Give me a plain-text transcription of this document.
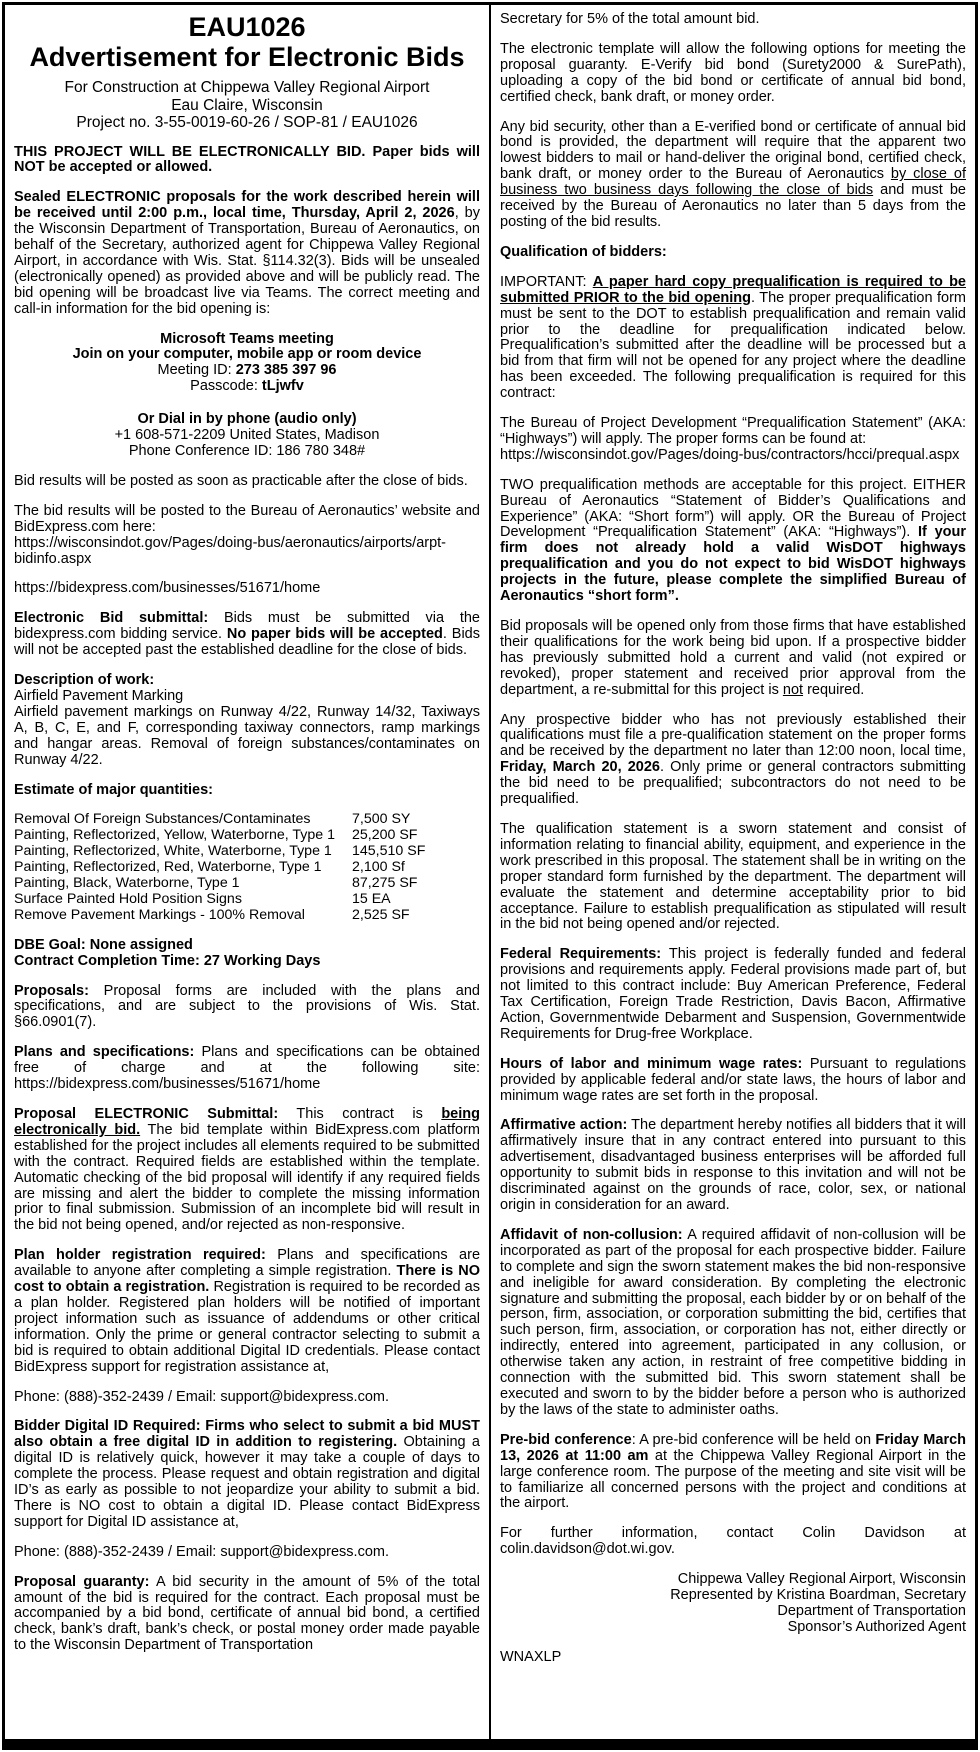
EAU1026
Advertisement for Electronic Bids
For Construction at Chippewa Valley Regional Airport
Eau Claire, Wisconsin
Project no. 3-55-0019-60-26 / SOP-81 / EAU1026

THIS PROJECT WILL BE ELECTRONICALLY BID. Paper bids will NOT be accepted or allowed.

Sealed ELECTRONIC proposals for the work described herein will be received until 2:00 p.m., local time, Thursday, April 2, 2026, by the Wisconsin Department of Transportation, Bureau of Aeronautics, on behalf of the Secretary, authorized agent for Chippewa Valley Regional Airport, in accordance with Wis. Stat. §114.32(3). Bids will be unsealed (electronically opened) as provided above and will be publicly read. The bid opening will be broadcast live via Teams. The correct meeting and call-in information for the bid opening is:

Microsoft Teams meeting
Join on your computer, mobile app or room device
Meeting ID: 273 385 397 96
Passcode: tLjwfv

Or Dial in by phone (audio only)
+1 608-571-2209 United States, Madison
Phone Conference ID: 186 780 348#

Bid results will be posted as soon as practicable after the close of bids.

The bid results will be posted to the Bureau of Aeronautics’ website and BidExpress.com here:
https://wisconsindot.gov/Pages/doing-bus/aeronautics/airports/arpt-bidinfo.aspx

https://bidexpress.com/businesses/51671/home

Electronic Bid submittal: Bids must be submitted via the bidexpress.com bidding service. No paper bids will be accepted. Bids will not be accepted past the established deadline for the close of bids.

Description of work:
Airfield Pavement Marking
Airfield pavement markings on Runway 4/22, Runway 14/32, Taxiways A, B, C, E, and F, corresponding taxiway connectors, ramp markings and hangar areas. Removal of foreign substances/contaminates on Runway 4/22.

Estimate of major quantities:

Removal Of Foreign Substances/Contaminates	7,500 SY
Painting, Reflectorized, Yellow, Waterborne, Type 1	25,200 SF
Painting, Reflectorized, White, Waterborne, Type 1	145,510 SF
Painting, Reflectorized, Red, Waterborne, Type 1	2,100 Sf
Painting, Black, Waterborne, Type 1	87,275 SF
Surface Painted Hold Position Signs	15 EA
Remove Pavement Markings - 100% Removal	2,525 SF

DBE Goal: None assigned
Contract Completion Time: 27 Working Days

Proposals: Proposal forms are included with the plans and specifications, and are subject to the provisions of Wis. Stat. §66.0901(7).

Plans and specifications: Plans and specifications can be obtained free of charge and at the following site: https://bidexpress.com/businesses/51671/home

Proposal ELECTRONIC Submittal: This contract is being electronically bid. The bid template within BidExpress.com platform established for the project includes all elements required to be submitted with the contract. Required fields are established within the template. Automatic checking of the bid proposal will identify if any required fields are missing and alert the bidder to complete the missing information prior to final submission. Submission of an incomplete bid will result in the bid not being opened, and/or rejected as non-responsive.

Plan holder registration required: Plans and specifications are available to anyone after completing a simple registration. There is NO cost to obtain a registration. Registration is required to be recorded as a plan holder. Registered plan holders will be notified of important project information such as issuance of addendums or other critical information. Only the prime or general contractor selecting to submit a bid is required to obtain additional Digital ID credentials. Please contact BidExpress support for registration assistance at,

Phone: (888)-352-2439 / Email: support@bidexpress.com.

Bidder Digital ID Required: Firms who select to submit a bid MUST also obtain a free digital ID in addition to registering. Obtaining a digital ID is relatively quick, however it may take a couple of days to complete the process. Please request and obtain registration and digital ID’s as early as possible to not jeopardize your ability to submit a bid. There is NO cost to obtain a digital ID. Please contact BidExpress support for Digital ID assistance at,

Phone: (888)-352-2439 / Email: support@bidexpress.com.

Proposal guaranty: A bid security in the amount of 5% of the total amount of the bid is required for the contract. Each proposal must be accompanied by a bid bond, certificate of annual bid bond, a certified check, bank’s draft, bank’s check, or postal money order made payable to the Wisconsin Department of Transportation

Secretary for 5% of the total amount bid.

The electronic template will allow the following options for meeting the proposal guaranty. E-Verify bid bond (Surety2000 & SurePath), uploading a copy of the bid bond or certificate of annual bid bond, certified check, bank draft, or money order.

Any bid security, other than a E-verified bond or certificate of annual bid bond is provided, the department will require that the apparent two lowest bidders to mail or hand-deliver the original bond, certified check, bank draft, or money order to the Bureau of Aeronautics by close of business two business days following the close of bids and must be received by the Bureau of Aeronautics no later than 5 days from the posting of the bid results.

Qualification of bidders:

IMPORTANT: A paper hard copy prequalification is required to be submitted PRIOR to the bid opening. The proper prequalification form must be sent to the DOT to establish prequalification and remain valid prior to the deadline for prequalification indicated below. Prequalification’s submitted after the deadline will be processed but a bid from that firm will not be opened for any project where the deadline has been exceeded. The following prequalification is required for this contract:

The Bureau of Project Development “Prequalification Statement” (AKA: “Highways”) will apply. The proper forms can be found at:
https://wisconsindot.gov/Pages/doing-bus/contractors/hcci/prequal.aspx

TWO prequalification methods are acceptable for this project. EITHER Bureau of Aeronautics “Statement of Bidder’s Qualifications and Experience” (AKA: “Short form”) will apply. OR the Bureau of Project Development “Prequalification Statement” (AKA: “Highways”). If your firm does not already hold a valid WisDOT highways prequalification and you do not expect to bid WisDOT highways projects in the future, please complete the simplified Bureau of Aeronautics “short form”.

Bid proposals will be opened only from those firms that have established their qualifications for the work being bid upon. If a prospective bidder has previously submitted hold a current and valid (not expired or revoked), proper statement and received prior approval from the department, a re-submittal for this project is not required.

Any prospective bidder who has not previously established their qualifications must file a pre-qualification statement on the proper forms and be received by the department no later than 12:00 noon, local time, Friday, March 20, 2026. Only prime or general contractors submitting the bid need to be prequalified; subcontractors do not need to be prequalified.

The qualification statement is a sworn statement and consist of information relating to financial ability, equipment, and experience in the work prescribed in this proposal. The statement shall be in writing on the proper standard form furnished by the department. The department will evaluate the statement and determine acceptability prior to bid acceptance. Failure to establish prequalification as stipulated will result in the bid not being opened and/or rejected.

Federal Requirements: This project is federally funded and federal provisions and requirements apply. Federal provisions made part of, but not limited to this contract include: Buy American Preference, Federal Tax Certification, Foreign Trade Restriction, Davis Bacon, Affirmative Action, Governmentwide Debarment and Suspension, Governmentwide Requirements for Drug-free Workplace.

Hours of labor and minimum wage rates: Pursuant to regulations provided by applicable federal and/or state laws, the hours of labor and minimum wage rates are set forth in the proposal.

Affirmative action: The department hereby notifies all bidders that it will affirmatively insure that in any contract entered into pursuant to this advertisement, disadvantaged business enterprises will be afforded full opportunity to submit bids in response to this invitation and will not be discriminated against on the grounds of race, color, sex, or national origin in consideration for an award.

Affidavit of non-collusion: A required affidavit of non-collusion will be incorporated as part of the proposal for each prospective bidder. Failure to complete and sign the sworn statement makes the bid non-responsive and ineligible for award consideration. By completing the electronic signature and submitting the proposal, each bidder by or on behalf of the person, firm, association, or corporation submitting the bid, certifies that such person, firm, association, or corporation has not, either directly or indirectly, entered into agreement, participated in any collusion, or otherwise taken any action, in restraint of free competitive bidding in connection with the submitted bid. This sworn statement shall be executed and sworn to by the bidder before a person who is authorized by the laws of the state to administer oaths.

Pre-bid conference: A pre-bid conference will be held on Friday March 13, 2026 at 11:00 am at the Chippewa Valley Regional Airport in the large conference room. The purpose of the meeting and site visit will be to familiarize all concerned persons with the project and conditions at the airport.

For further information, contact Colin Davidson at colin.davidson@dot.wi.gov.

Chippewa Valley Regional Airport, Wisconsin
Represented by Kristina Boardman, Secretary
Department of Transportation
Sponsor’s Authorized Agent

WNAXLP
